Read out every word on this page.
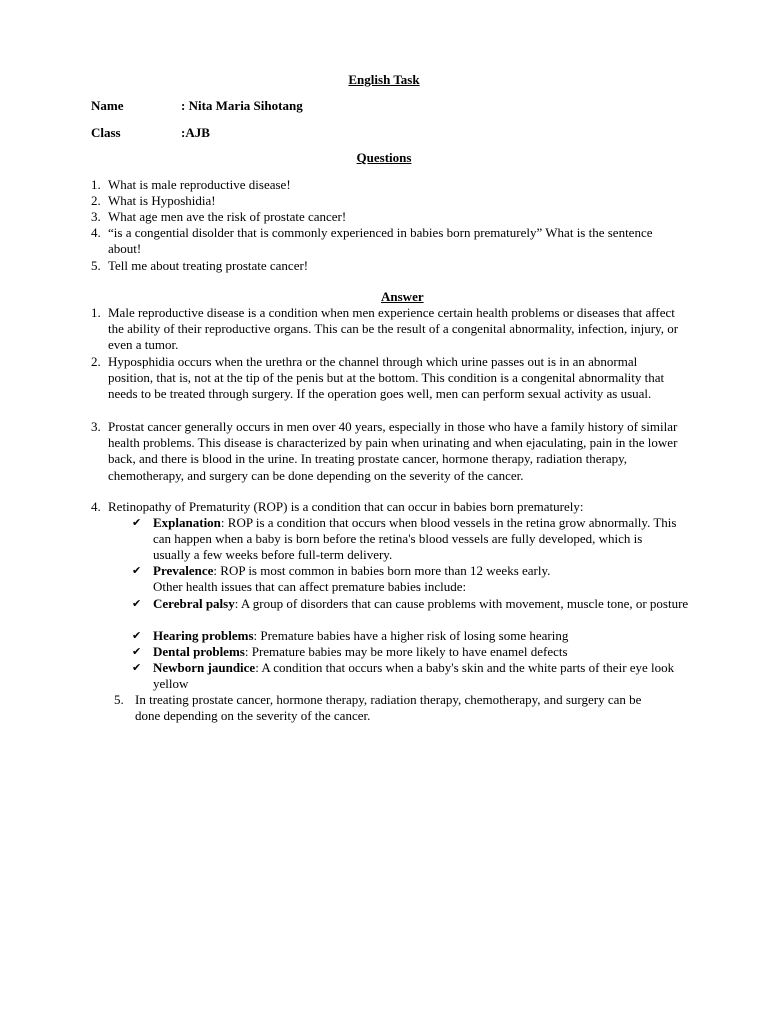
English Task
Name	: Nita Maria Sihotang
Class	:AJB
Questions
1. What is male reproductive disease!
2. What is Hyposhidia!
3. What age men ave the risk of prostate cancer!
4. “is a congential disolder that is commonly experienced in babies born prematurely” What is the sentence about!
5. Tell me about treating prostate cancer!
Answer
1. Male reproductive disease is a condition when men experience certain health problems or diseases that affect the ability of their reproductive organs. This can be the result of a congenital abnormality, infection, injury, or even a tumor.
2. Hyposphidia occurs when the urethra or the channel through which urine passes out is in an abnormal position, that is, not at the tip of the penis but at the bottom. This condition is a congenital abnormality that needs to be treated through surgery. If the operation goes well, men can perform sexual activity as usual.
3. Prostat cancer generally occurs in men over 40 years, especially in those who have a family history of similar health problems. This disease is characterized by pain when urinating and when ejaculating, pain in the lower back, and there is blood in the urine. In treating prostate cancer, hormone therapy, radiation therapy, chemotherapy, and surgery can be done depending on the severity of the cancer.
4. Retinopathy of Prematurity (ROP) is a condition that can occur in babies born prematurely:
✔ Explanation: ROP is a condition that occurs when blood vessels in the retina grow abnormally. This can happen when a baby is born before the retina's blood vessels are fully developed, which is usually a few weeks before full-term delivery.
✔ Prevalence: ROP is most common in babies born more than 12 weeks early.
Other health issues that can affect premature babies include:
✔ Cerebral palsy: A group of disorders that can cause problems with movement, muscle tone, or posture
✔ Hearing problems: Premature babies have a higher risk of losing some hearing
✔ Dental problems: Premature babies may be more likely to have enamel defects
✔ Newborn jaundice: A condition that occurs when a baby's skin and the white parts of their eye look yellow
5. In treating prostate cancer, hormone therapy, radiation therapy, chemotherapy, and surgery can be done depending on the severity of the cancer.
